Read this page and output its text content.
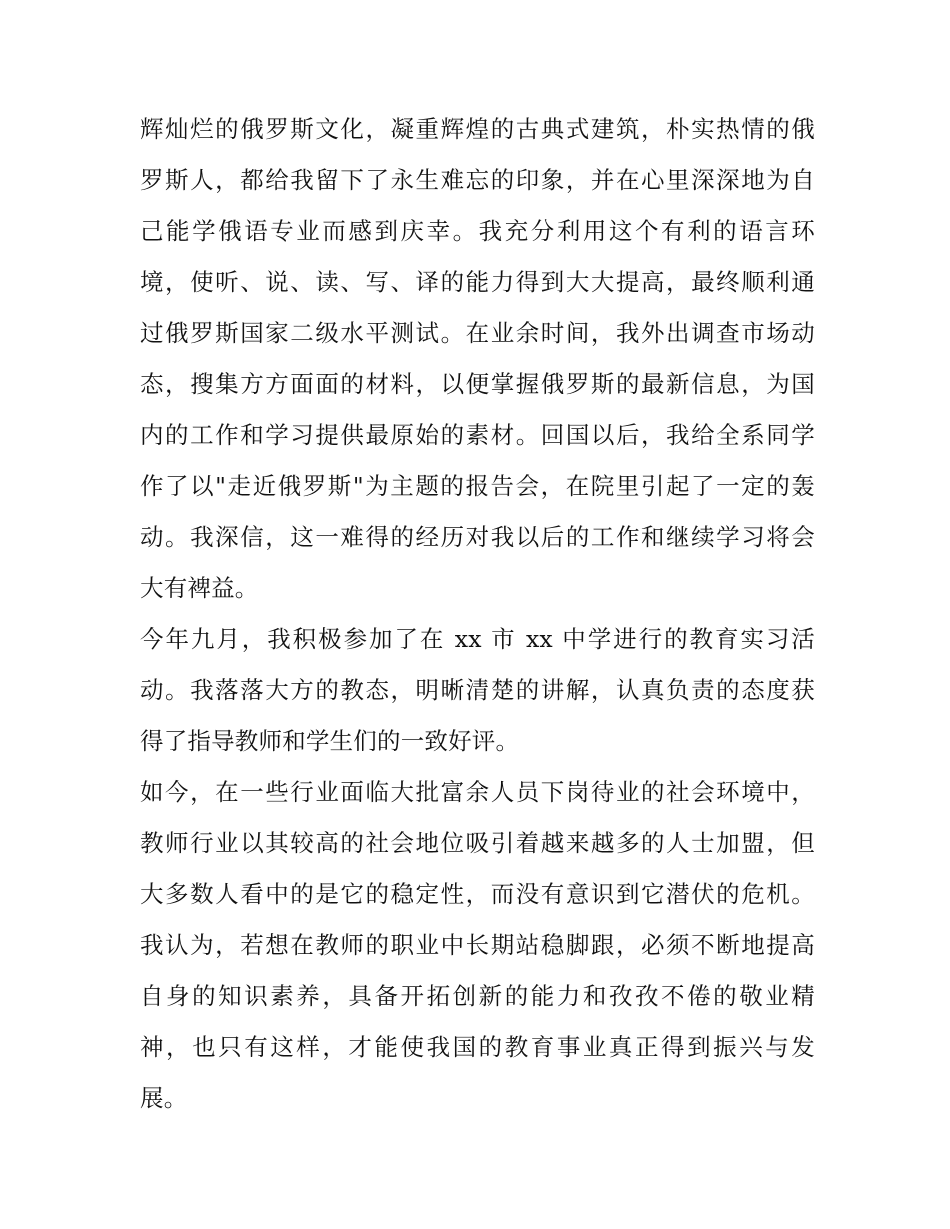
辉灿烂的俄罗斯文化，凝重辉煌的古典式建筑，朴实热情的俄
罗斯人，都给我留下了永生难忘的印象，并在心里深深地为自
己能学俄语专业而感到庆幸。我充分利用这个有利的语言环
境，使听、说、读、写、译的能力得到大大提高，最终顺利通
过俄罗斯国家二级水平测试。在业余时间，我外出调查市场动
态，搜集方方面面的材料，以便掌握俄罗斯的最新信息，为国
内的工作和学习提供最原始的素材。回国以后，我给全系同学
作了以"走近俄罗斯"为主题的报告会，在院里引起了一定的轰
动。我深信，这一难得的经历对我以后的工作和继续学习将会
大有裨益。

今年九月，我积极参加了在 xx 市 xx 中学进行的教育实习活
动。我落落大方的教态，明晰清楚的讲解，认真负责的态度获
得了指导教师和学生们的一致好评。

如今，在一些行业面临大批富余人员下岗待业的社会环境中，
教师行业以其较高的社会地位吸引着越来越多的人士加盟，但
大多数人看中的是它的稳定性，而没有意识到它潜伏的危机。
我认为，若想在教师的职业中长期站稳脚跟，必须不断地提高
自身的知识素养，具备开拓创新的能力和孜孜不倦的敬业精
神，也只有这样，才能使我国的教育事业真正得到振兴与发
展。
